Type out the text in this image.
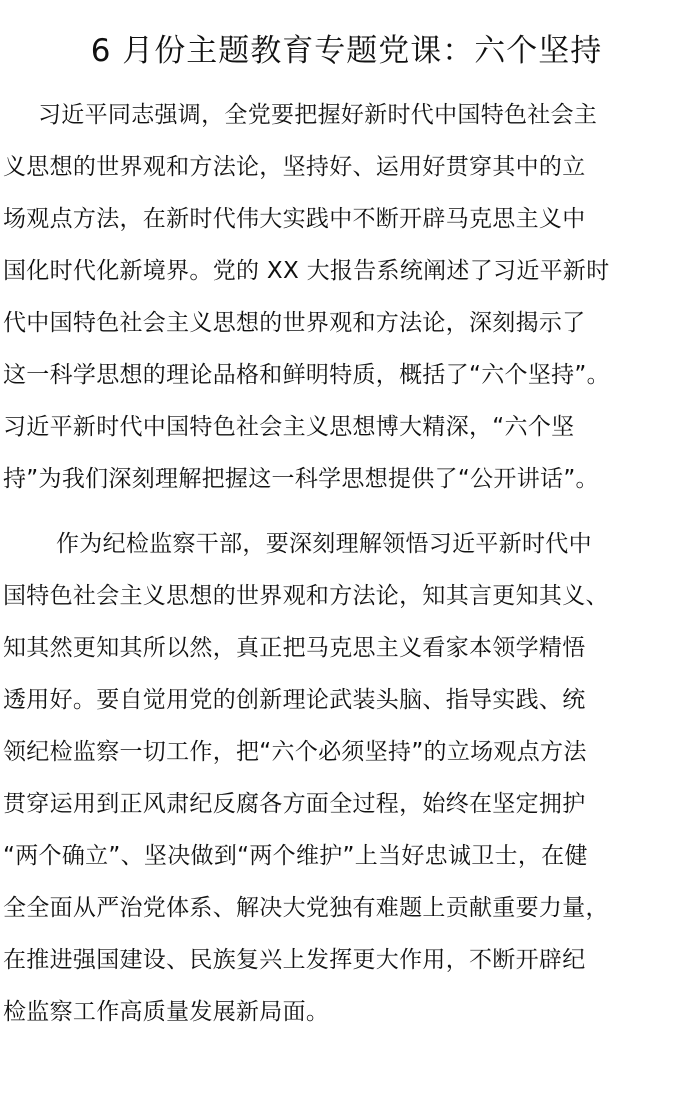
6 月份主题教育专题党课：六个坚持
习近平同志强调，全党要把握好新时代中国特色社会主
义思想的世界观和方法论，坚持好、运用好贯穿其中的立
场观点方法，在新时代伟大实践中不断开辟马克思主义中
国化时代化新境界。党的 XX 大报告系统阐述了习近平新时
代中国特色社会主义思想的世界观和方法论，深刻揭示了
这一科学思想的理论品格和鲜明特质，概括了“六个坚持”。
习近平新时代中国特色社会主义思想博大精深，“六个坚
持”为我们深刻理解把握这一科学思想提供了“公开讲话”。
作为纪检监察干部，要深刻理解领悟习近平新时代中
国特色社会主义思想的世界观和方法论，知其言更知其义、
知其然更知其所以然，真正把马克思主义看家本领学精悟
透用好。要自觉用党的创新理论武装头脑、指导实践、统
领纪检监察一切工作，把“六个必须坚持”的立场观点方法
贯穿运用到正风肃纪反腐各方面全过程，始终在坚定拥护
“两个确立”、坚决做到“两个维护”上当好忠诚卫士，在健
全全面从严治党体系、解决大党独有难题上贡献重要力量，
在推进强国建设、民族复兴上发挥更大作用，不断开辟纪
检监察工作高质量发展新局面。
